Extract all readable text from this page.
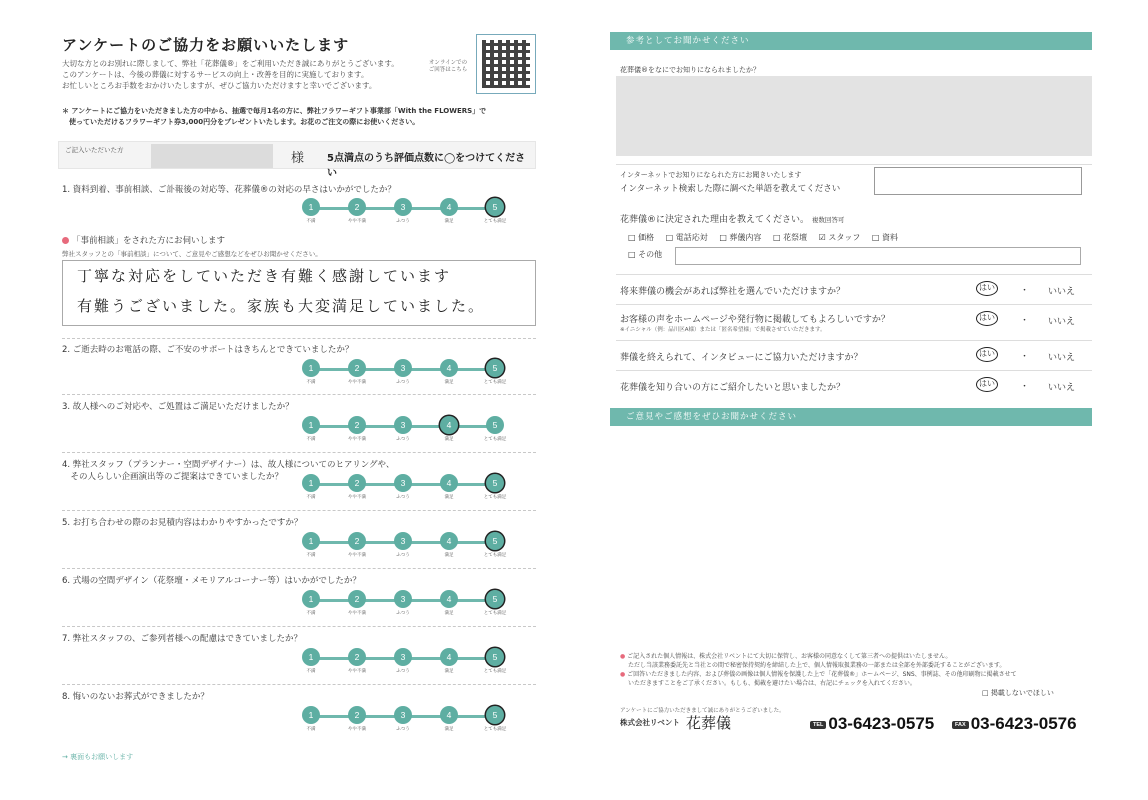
アンケートのご協力をお願いいたします
大切な方とのお別れに際しまして、弊社「花葬儀®」をご利用いただき誠にありがとうございます。
このアンケートは、今後の葬儀に対するサービスの向上・改善を目的に実施しております。
お忙しいところお手数をおかけいたしますが、ぜひご協力いただけますと幸いでございます。
オンラインでの
ご回答はこちら
＊ アンケートにご協力をいただきました方の中から、抽選で毎月1名の方に、弊社フラワーギフト事業部「With the FLOWERS」で
　使っていただけるフラワーギフト券3,000円分をプレゼントいたします。お花のご注文の際にお使いください。
ご記入いただいた方
様 5点満点のうち評価点数に◯をつけてください
1. 資料到着、事前相談、ご訃報後の対応等、花葬儀®の対応の早さはいかがでしたか？
1
不満
2
やや不満
3
ふつう
4
満足
5
とても満足
「事前相談」をされた方にお伺いします
弊社スタッフとの「事前相談」について、ご意見やご感想などをぜひお聞かせください。
丁寧な対応をしていただき有難く感謝しています
有難うございました。家族も大変満足していました。
2. ご逝去時のお電話の際、ご不安のサポートはきちんとできていましたか？
1
不満
2
やや不満
3
ふつう
4
満足
5
とても満足
3. 故人様へのご対応や、ご処置はご満足いただけましたか？
1
不満
2
やや不満
3
ふつう
4
満足
5
とても満足
4. 弊社スタッフ（プランナー・空間デザイナー）は、故人様についてのヒアリングや、
　その人らしい企画演出等のご提案はできていましたか？
1
不満
2
やや不満
3
ふつう
4
満足
5
とても満足
5. お打ち合わせの際のお見積内容はわかりやすかったですか？
1
不満
2
やや不満
3
ふつう
4
満足
5
とても満足
6. 式場の空間デザイン（花祭壇・メモリアルコーナー等）はいかがでしたか？
1
不満
2
やや不満
3
ふつう
4
満足
5
とても満足
7. 弊社スタッフの、ご参列者様への配慮はできていましたか？
1
不満
2
やや不満
3
ふつう
4
満足
5
とても満足
8. 悔いのないお葬式ができましたか？
1
不満
2
やや不満
3
ふつう
4
満足
5
とても満足
→ 裏面もお願いします
参考としてお聞かせください
花葬儀®をなにでお知りになられましたか？
インターネットでお知りになられた方にお聞きいたします
インターネット検索した際に調べた単語を教えてください
花葬儀®に決定された理由を教えてください。 複数回答可
□ 価格 □ 電話応対 □ 葬儀内容 □ 花祭壇 ☑ スタッフ □ 資料
□ その他
将来葬儀の機会があれば弊社を選んでいただけますか？	はい	・ いいえ
お客様の声をホームページや発行物に掲載してもよろしいですか？
※イニシャル（例：品川区A様）または「匿名希望様」で掲載させていただきます。
はい	・ いいえ
葬儀を終えられて、インタビューにご協力いただけますか？	はい	・ いいえ
花葬儀を知り合いの方にご紹介したいと思いましたか？	はい	・ いいえ
ご意見やご感想をぜひお聞かせください
● ご記入された個人情報は、株式会社リベントにて大切に保管し、お客様の同意なくして第三者への提供はいたしません。
ただし当該業務委託先と当社との間で秘密保持契約を締結した上で、個人情報取扱業務の一部または全部を外部委託することがございます。
● ご回答いただきました内容、および葬儀の画像は個人情報を保護した上で「花葬儀®」ホームページ、SNS、事例誌、その他印刷物に掲載させて
いただきますことをご了承ください。もしも、掲載を避けたい場合は、右記にチェックを入れてください。
□ 掲載しないでほしい
アンケートにご協力いただきまして誠にありがとうございました。
株式会社リベント 花葬儀	TEL 03-6423-0575	FAX 03-6423-0576
